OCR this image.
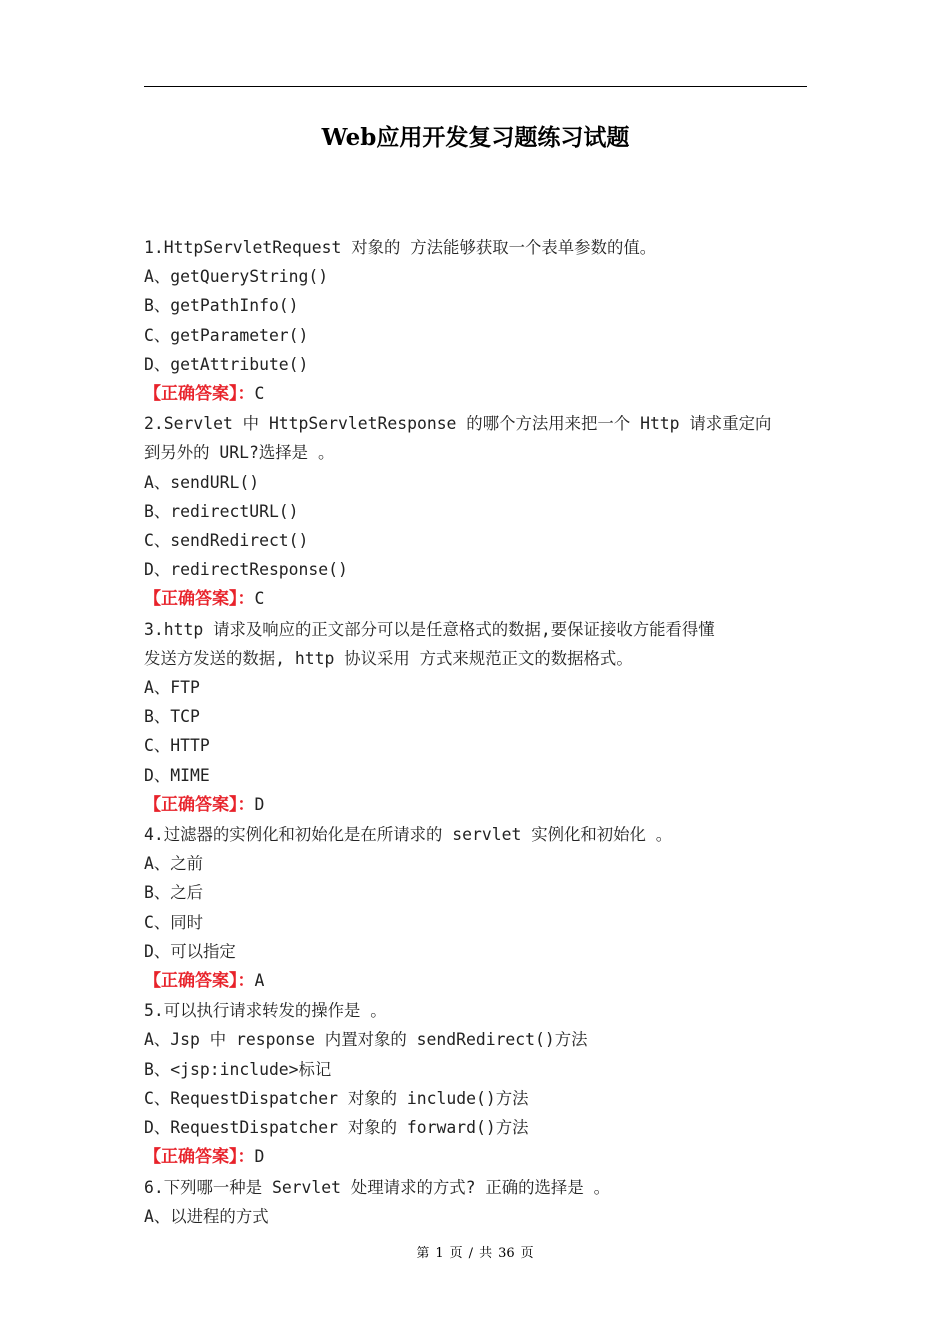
Web应用开发复习题练习试题
1.HttpServletRequest 对象的 方法能够获取一个表单参数的值。
A、getQueryString()
B、getPathInfo()
C、getParameter()
D、getAttribute()
【正确答案】：C
2.Servlet 中 HttpServletResponse 的哪个方法用来把一个 Http 请求重定向
到另外的 URL?选择是 。
A、sendURL()
B、redirectURL()
C、sendRedirect()
D、redirectResponse()
【正确答案】：C
3.http 请求及响应的正文部分可以是任意格式的数据,要保证接收方能看得懂
发送方发送的数据, http 协议采用 方式来规范正文的数据格式。
A、FTP
B、TCP
C、HTTP
D、MIME
【正确答案】：D
4.过滤器的实例化和初始化是在所请求的 servlet 实例化和初始化 。
A、之前
B、之后
C、同时
D、可以指定
【正确答案】：A
5.可以执行请求转发的操作是 。
A、Jsp 中 response 内置对象的 sendRedirect()方法
B、<jsp:include>标记
C、RequestDispatcher 对象的 include()方法
D、RequestDispatcher 对象的 forward()方法
【正确答案】：D
6.下列哪一种是 Servlet 处理请求的方式? 正确的选择是 。
A、以进程的方式
第 1 页 / 共 36 页
